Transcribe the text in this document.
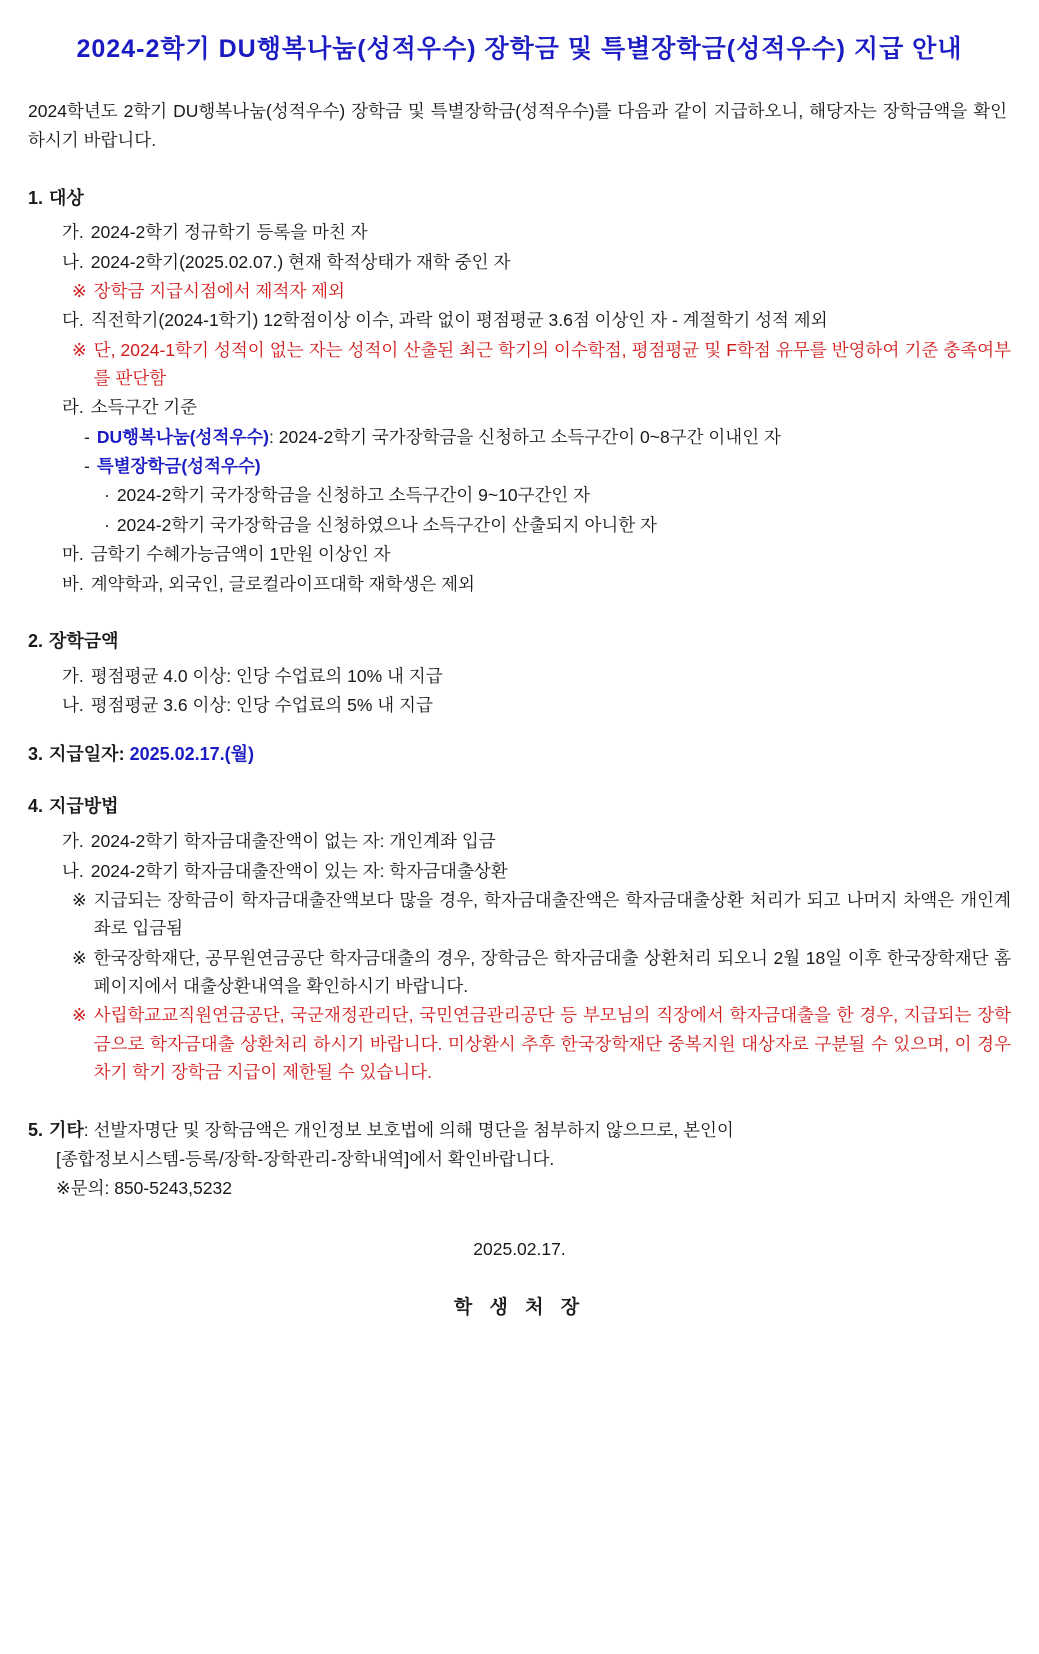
2024-2학기 DU행복나눔(성적우수) 장학금 및 특별장학금(성적우수) 지급 안내
2024학년도 2학기 DU행복나눔(성적우수) 장학금 및 특별장학금(성적우수)를 다음과 같이 지급하오니, 해당자는 장학금액을 확인하시기 바랍니다.
1. 대상
가. 2024-2학기 정규학기 등록을 마친 자
나. 2024-2학기(2025.02.07.) 현재 학적상태가 재학 중인 자
※ 장학금 지급시점에서 제적자 제외
다. 직전학기(2024-1학기) 12학점이상 이수, 과락 없이 평점평균 3.6점 이상인 자 - 계절학기 성적 제외
※ 단, 2024-1학기 성적이 없는 자는 성적이 산출된 최근 학기의 이수학점, 평점평균 및 F학점 유무를 반영하여 기준 충족여부를 판단함
라. 소득구간 기준
- DU행복나눔(성적우수): 2024-2학기 국가장학금을 신청하고 소득구간이 0~8구간 이내인 자
- 특별장학금(성적우수)
· 2024-2학기 국가장학금을 신청하고 소득구간이 9~10구간인 자
· 2024-2학기 국가장학금을 신청하였으나 소득구간이 산출되지 아니한 자
마. 금학기 수혜가능금액이 1만원 이상인 자
바. 계약학과, 외국인, 글로컬라이프대학 재학생은 제외
2. 장학금액
가. 평점평균 4.0 이상: 인당 수업료의 10% 내 지급
나. 평점평균 3.6 이상: 인당 수업료의 5% 내 지급
3. 지급일자: 2025.02.17.(월)
4. 지급방법
가. 2024-2학기 학자금대출잔액이 없는 자: 개인계좌 입금
나. 2024-2학기 학자금대출잔액이 있는 자: 학자금대출상환
※ 지급되는 장학금이 학자금대출잔액보다 많을 경우, 학자금대출잔액은 학자금대출상환 처리가 되고 나머지 차액은 개인계좌로 입금됨
※ 한국장학재단, 공무원연금공단 학자금대출의 경우, 장학금은 학자금대출 상환처리 되오니 2월 18일 이후 한국장학재단 홈페이지에서 대출상환내역을 확인하시기 바랍니다.
※ 사립학교교직원연금공단, 국군재정관리단, 국민연금관리공단 등 부모님의 직장에서 학자금대출을 한 경우, 지급되는 장학금으로 학자금대출 상환처리 하시기 바랍니다. 미상환시 추후 한국장학재단 중복지원 대상자로 구분될 수 있으며, 이 경우 차기 학기 장학금 지급이 제한될 수 있습니다.
5. 기타: 선발자명단 및 장학금액은 개인정보 보호법에 의해 명단을 첨부하지 않으므로, 본인이
[종합정보시스템-등록/장학-장학관리-장학내역]에서 확인바랍니다.
※문의: 850-5243,5232
2025.02.17.
학 생 처 장
